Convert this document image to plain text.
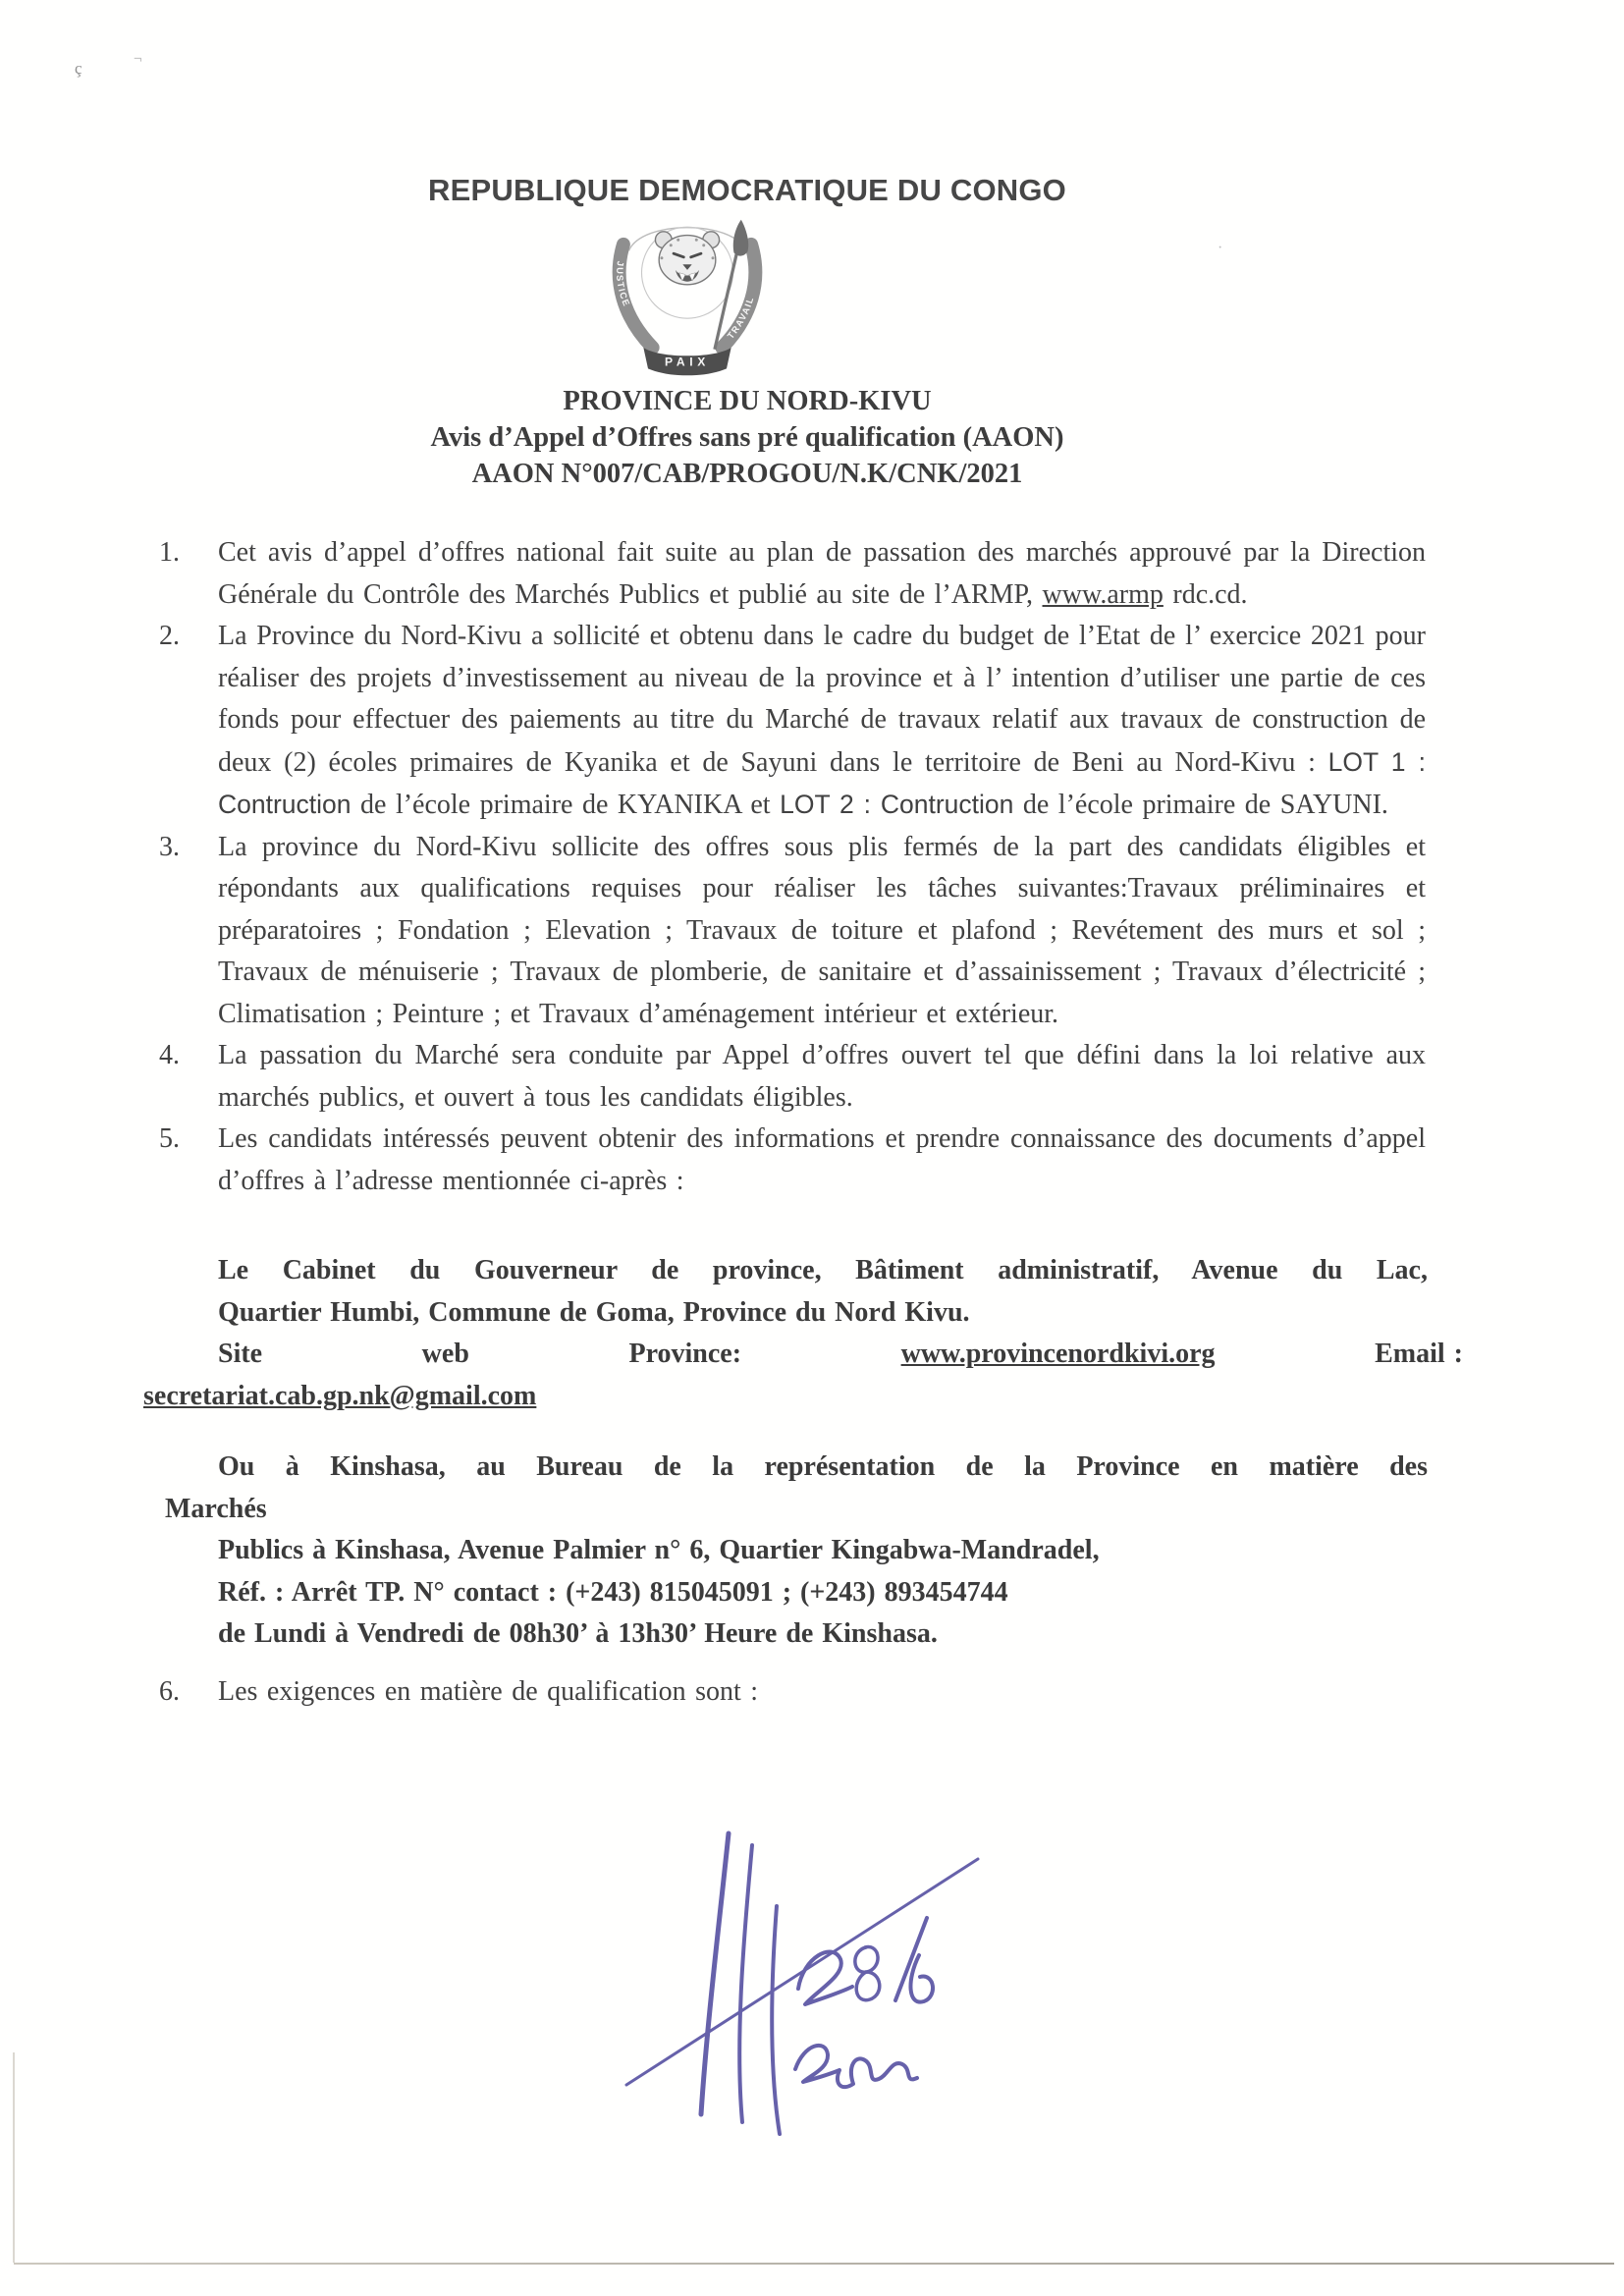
ç	¬
·
REPUBLIQUE DEMOCRATIQUE DU CONGO
JUSTICE
TRAVAIL
PAIX
PROVINCE DU NORD-KIVU
Avis d’Appel d’Offres sans pré qualification (AAON)
AAON N°007/CAB/PROGOU/N.K/CNK/2021
1. Cet avis d’appel d’offres national fait suite au plan de passation des marchés approuvé par la Direction Générale du Contrôle des Marchés Publics et publié au site de l’ARMP, www.armp rdc.cd.
2. La Province du Nord-Kivu a sollicité et obtenu dans le cadre du budget de l’Etat de l’ exercice 2021 pour réaliser des projets d’investissement au niveau de la province et à l’ intention d’utiliser une partie de ces fonds pour effectuer des paiements au titre du Marché de travaux relatif aux travaux de construction de deux (2) écoles primaires de Kyanika et de Sayuni dans le territoire de Beni au Nord-Kivu : LOT 1 : Contruction de l’école primaire de KYANIKA et LOT 2 : Contruction de l’école primaire de SAYUNI.
3. La province du Nord-Kivu sollicite des offres sous plis fermés de la part des candidats éligibles et répondants aux qualifications requises pour réaliser les tâches suivantes:Travaux préliminaires et préparatoires ; Fondation ; Elevation ; Travaux de toiture et plafond ; Revétement des murs et sol ; Travaux de ménuiserie ; Travaux de plomberie, de sanitaire et d’assainissement ; Travaux d’électricité ; Climatisation ; Peinture ; et Travaux d’aménagement intérieur et extérieur.
4. La passation du Marché sera conduite par Appel d’offres ouvert tel que défini dans la loi relative aux marchés publics, et ouvert à tous les candidats éligibles.
5. Les candidats intéressés peuvent obtenir des informations et prendre connaissance des documents d’appel d’offres à l’adresse mentionnée ci-après :
Le Cabinet du Gouverneur de province, Bâtiment administratif, Avenue du Lac,
Quartier Humbi, Commune de Goma, Province du Nord Kivu.
Site	web	Province:	www.provincenordkivi.org	Email :
secretariat.cab.gp.nk@gmail.com
Ou à Kinshasa, au Bureau de la représentation de la Province en matière des
Marchés
Publics à Kinshasa, Avenue Palmier n° 6, Quartier Kingabwa-Mandradel,
Réf. : Arrêt TP. N° contact : (+243) 815045091 ; (+243) 893454744
de Lundi à Vendredi de 08h30’ à 13h30’ Heure de Kinshasa.
6. Les exigences en matière de qualification sont :
